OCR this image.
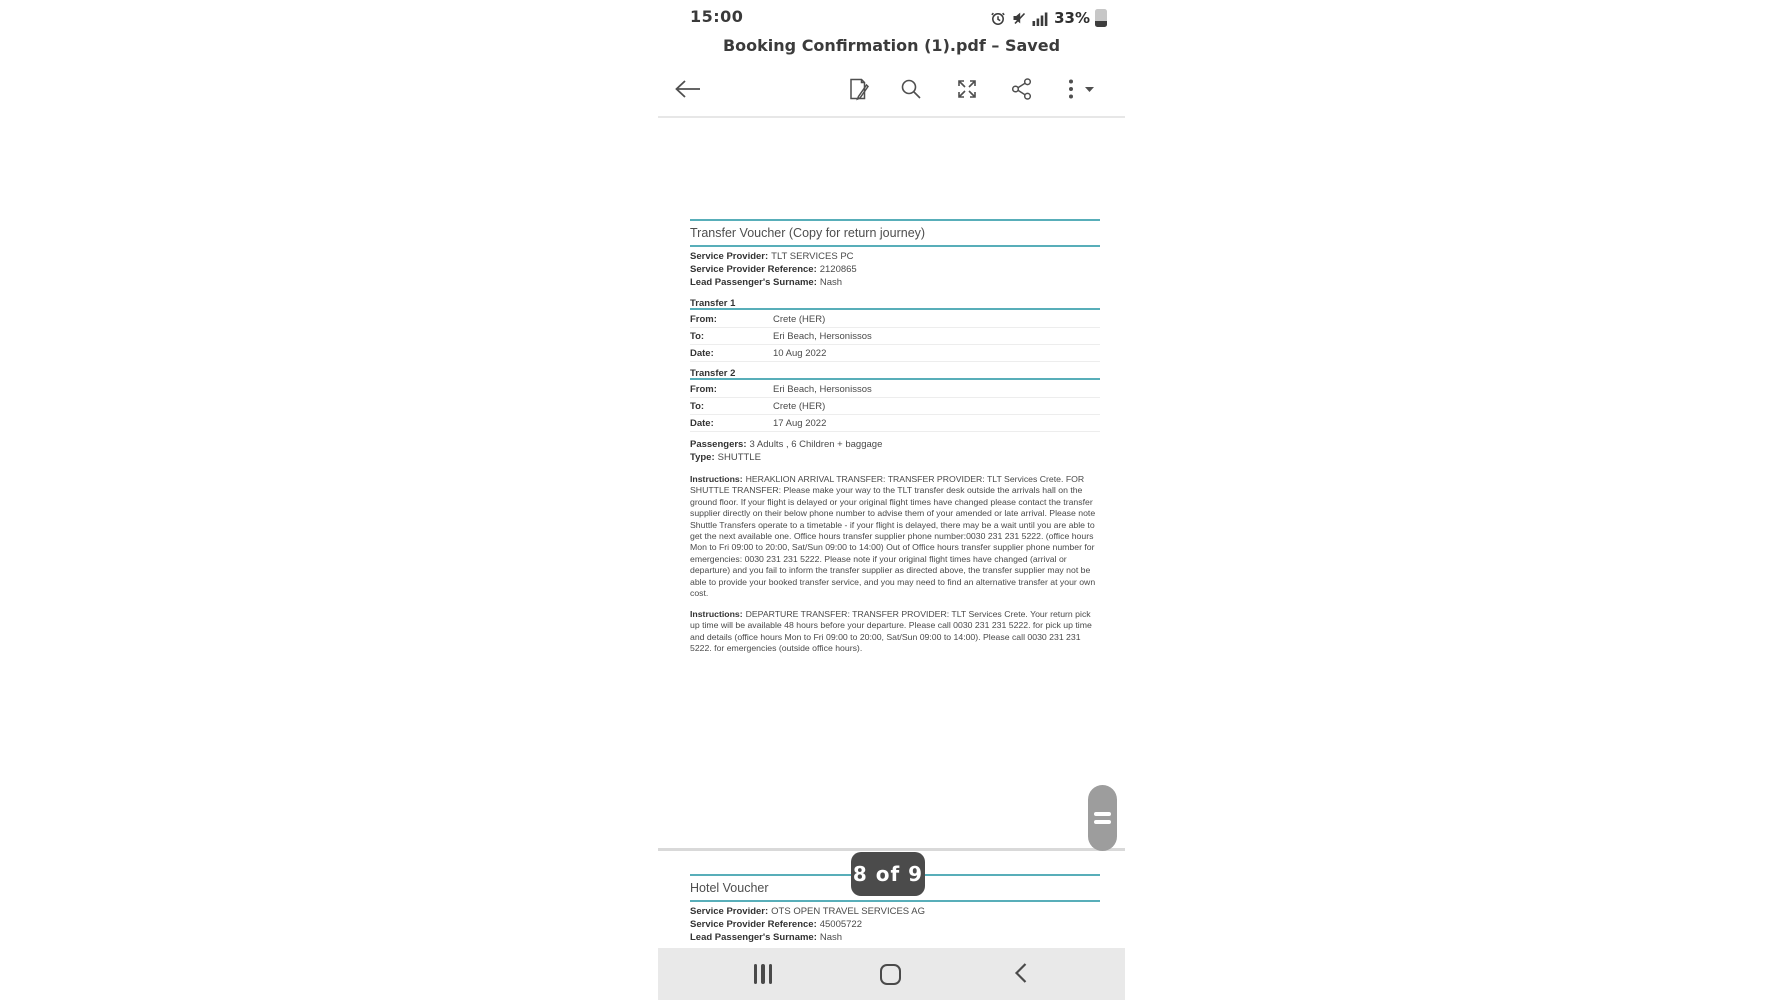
15:00	33%
Booking Confirmation (1).pdf – Saved
Transfer Voucher (Copy for return journey)
Service Provider: TLT SERVICES PC
Service Provider Reference: 2120865
Lead Passenger's Surname: Nash
Transfer 1
From:	Crete (HER)
To:	Eri Beach, Hersonissos
Date:	10 Aug 2022
Transfer 2
From:	Eri Beach, Hersonissos
To:	Crete (HER)
Date:	17 Aug 2022
Passengers: 3 Adults , 6 Children + baggage
Type: SHUTTLE
Instructions: HERAKLION ARRIVAL TRANSFER: TRANSFER PROVIDER: TLT Services Crete. FOR SHUTTLE TRANSFER: Please make your way to the TLT transfer desk outside the arrivals hall on the ground floor. If your flight is delayed or your original flight times have changed please contact the transfer supplier directly on their below phone number to advise them of your amended or late arrival. Please note Shuttle Transfers operate to a timetable - if your flight is delayed, there may be a wait until you are able to get the next available one. Office hours transfer supplier phone number:0030 231 231 5222. (office hours Mon to Fri 09:00 to 20:00, Sat/Sun 09:00 to 14:00) Out of Office hours transfer supplier phone number for emergencies: 0030 231 231 5222. Please note if your original flight times have changed (arrival or departure) and you fail to inform the transfer supplier as directed above, the transfer supplier may not be able to provide your booked transfer service, and you may need to find an alternative transfer at your own cost.
Instructions: DEPARTURE TRANSFER: TRANSFER PROVIDER: TLT Services Crete. Your return pick up time will be available 48 hours before your departure. Please call 0030 231 231 5222. for pick up time and details (office hours Mon to Fri 09:00 to 20:00, Sat/Sun 09:00 to 14:00). Please call 0030 231 231 5222. for emergencies (outside office hours).
Hotel Voucher
Service Provider: OTS OPEN TRAVEL SERVICES AG
Service Provider Reference: 45005722
Lead Passenger's Surname: Nash
8 of 9
